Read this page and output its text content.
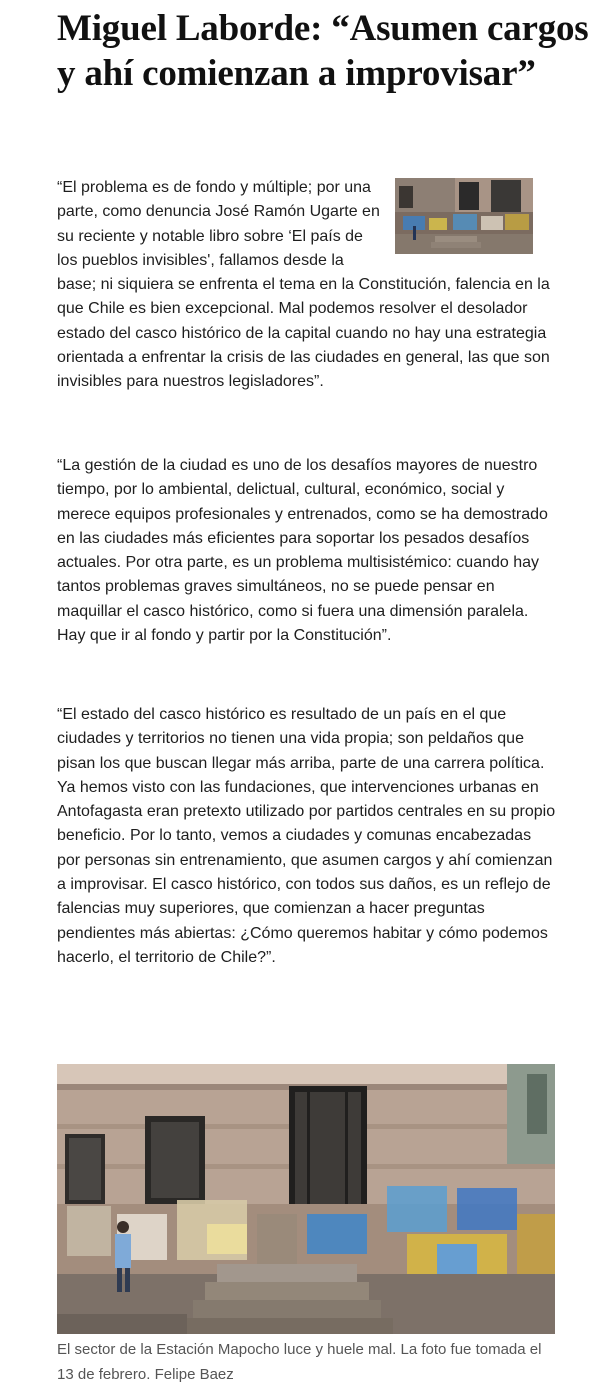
Miguel Laborde: “Asumen cargos y ahí comienzan a improvisar”
“El problema es de fondo y múltiple; por una parte, como denuncia José Ramón Ugarte en su reciente y notable libro sobre ‘El país de los pueblos invisibles', fallamos desde la base; ni siquiera se enfrenta el tema en la Constitución, falencia en la que Chile es bien excepcional. Mal podemos resolver el desolador estado del casco histórico de la capital cuando no hay una estrategia orientada a enfrentar la crisis de las ciudades en general, las que son invisibles para nuestros legisladores”.

“La gestión de la ciudad es uno de los desafíos mayores de nuestro tiempo, por lo ambiental, delictual, cultural, económico, social y merece equipos profesionales y entrenados, como se ha demostrado en las ciudades más eficientes para soportar los pesados desafíos actuales. Por otra parte, es un problema multisistémico: cuando hay tantos problemas graves simultáneos, no se puede pensar en maquillar el casco histórico, como si fuera una dimensión paralela. Hay que ir al fondo y partir por la Constitución”.

“El estado del casco histórico es resultado de un país en el que ciudades y territorios no tienen una vida propia; son peldaños que pisan los que buscan llegar más arriba, parte de una carrera política. Ya hemos visto con las fundaciones, que intervenciones urbanas en Antofagasta eran pretexto utilizado por partidos centrales en su propio beneficio. Por lo tanto, vemos a ciudades y comunas encabezadas por personas sin entrenamiento, que asumen cargos y ahí comienzan a improvisar. El casco histórico, con todos sus daños, es un reflejo de falencias muy superiores, que comienzan a hacer preguntas pendientes más abiertas: ¿Cómo queremos habitar y cómo podemos hacerlo, el territorio de Chile?”.

El sector de la Estación Mapocho luce y huele mal. La foto fue tomada el 13 de febrero. Felipe Baez
